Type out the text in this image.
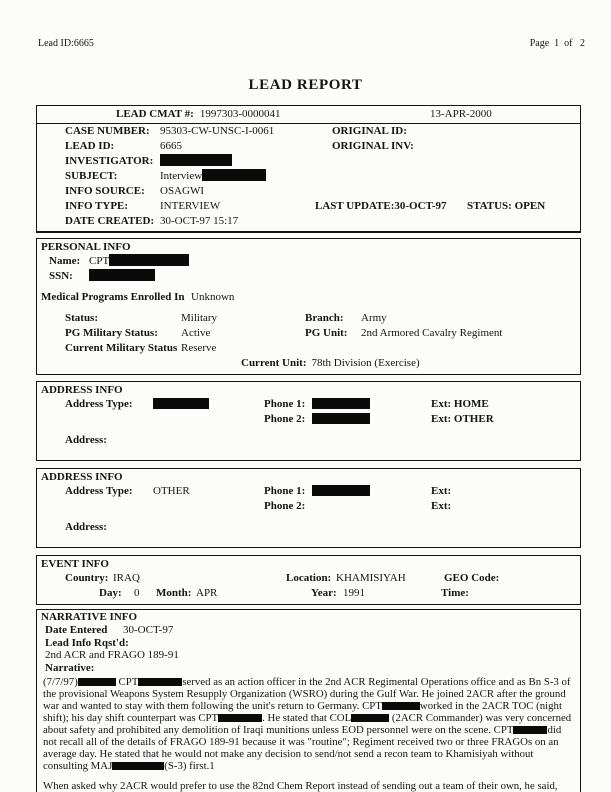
Lead ID:6665	Page  1  of   2
LEAD REPORT
LEAD CMAT #: 1997303-0000041	13-APR-2000
CASE NUMBER: 95303-CW-UNSC-I-0061	ORIGINAL ID:
LEAD ID:	6665	ORIGINAL INV:
INVESTIGATOR:
SUBJECT:	Interview
INFO SOURCE:	OSAGWI
INFO TYPE:	INTERVIEW	LAST UPDATE:30-OCT-97	STATUS: OPEN
DATE CREATED: 30-OCT-97 15:17
PERSONAL INFO
Name: CPT
SSN:
Medical Programs Enrolled In Unknown
Status:	Military	Branch:	Army
PG Military Status:	Active	PG Unit:	2nd Armored Cavalry Regiment
Current Military Status Reserve
Current Unit: 78th Division (Exercise)
ADDRESS INFO
Address Type:	Phone 1:	Ext: HOME
Phone 2:	Ext: OTHER
Address:
ADDRESS INFO
Address Type:	OTHER	Phone 1:	Ext:
Phone 2:	Ext:
Address:
EVENT INFO
Country: IRAQ	Location: KHAMISIYAH	GEO Code:
Day:	0	Month: APR	Year: 1991	Time:
NARRATIVE INFO
Date Entered	30-OCT-97
Lead Info Rqst'd:
2nd ACR and FRAGO 189-91
Narrative:

(7/7/97)	CPT	served as an action officer in the 2nd ACR Regimental Operations office and as Bn S-3 of the provisional Weapons System Resupply Organization (WSRO) during the Gulf War. He joined 2ACR after the ground war and wanted to stay with them following the unit's return to Germany. CPT	worked in the 2ACR TOC (night shift); his day shift counterpart was CPT	. He stated that COL	(2ACR Commander) was very concerned about safety and prohibited any demolition of Iraqi munitions unless EOD personnel were on the scene. CPT	did not recall all of the details of FRAGO 189-91 because it was "routine"; Regiment received two or three FRAGOs on an average day. He stated that he would not make any decision to send/not send a recon team to Khamisiyah without consulting MAJ	(S-3) first.1

When asked why 2ACR would prefer to use the 82nd Chem Report instead of sending out a team of their own, he said,
